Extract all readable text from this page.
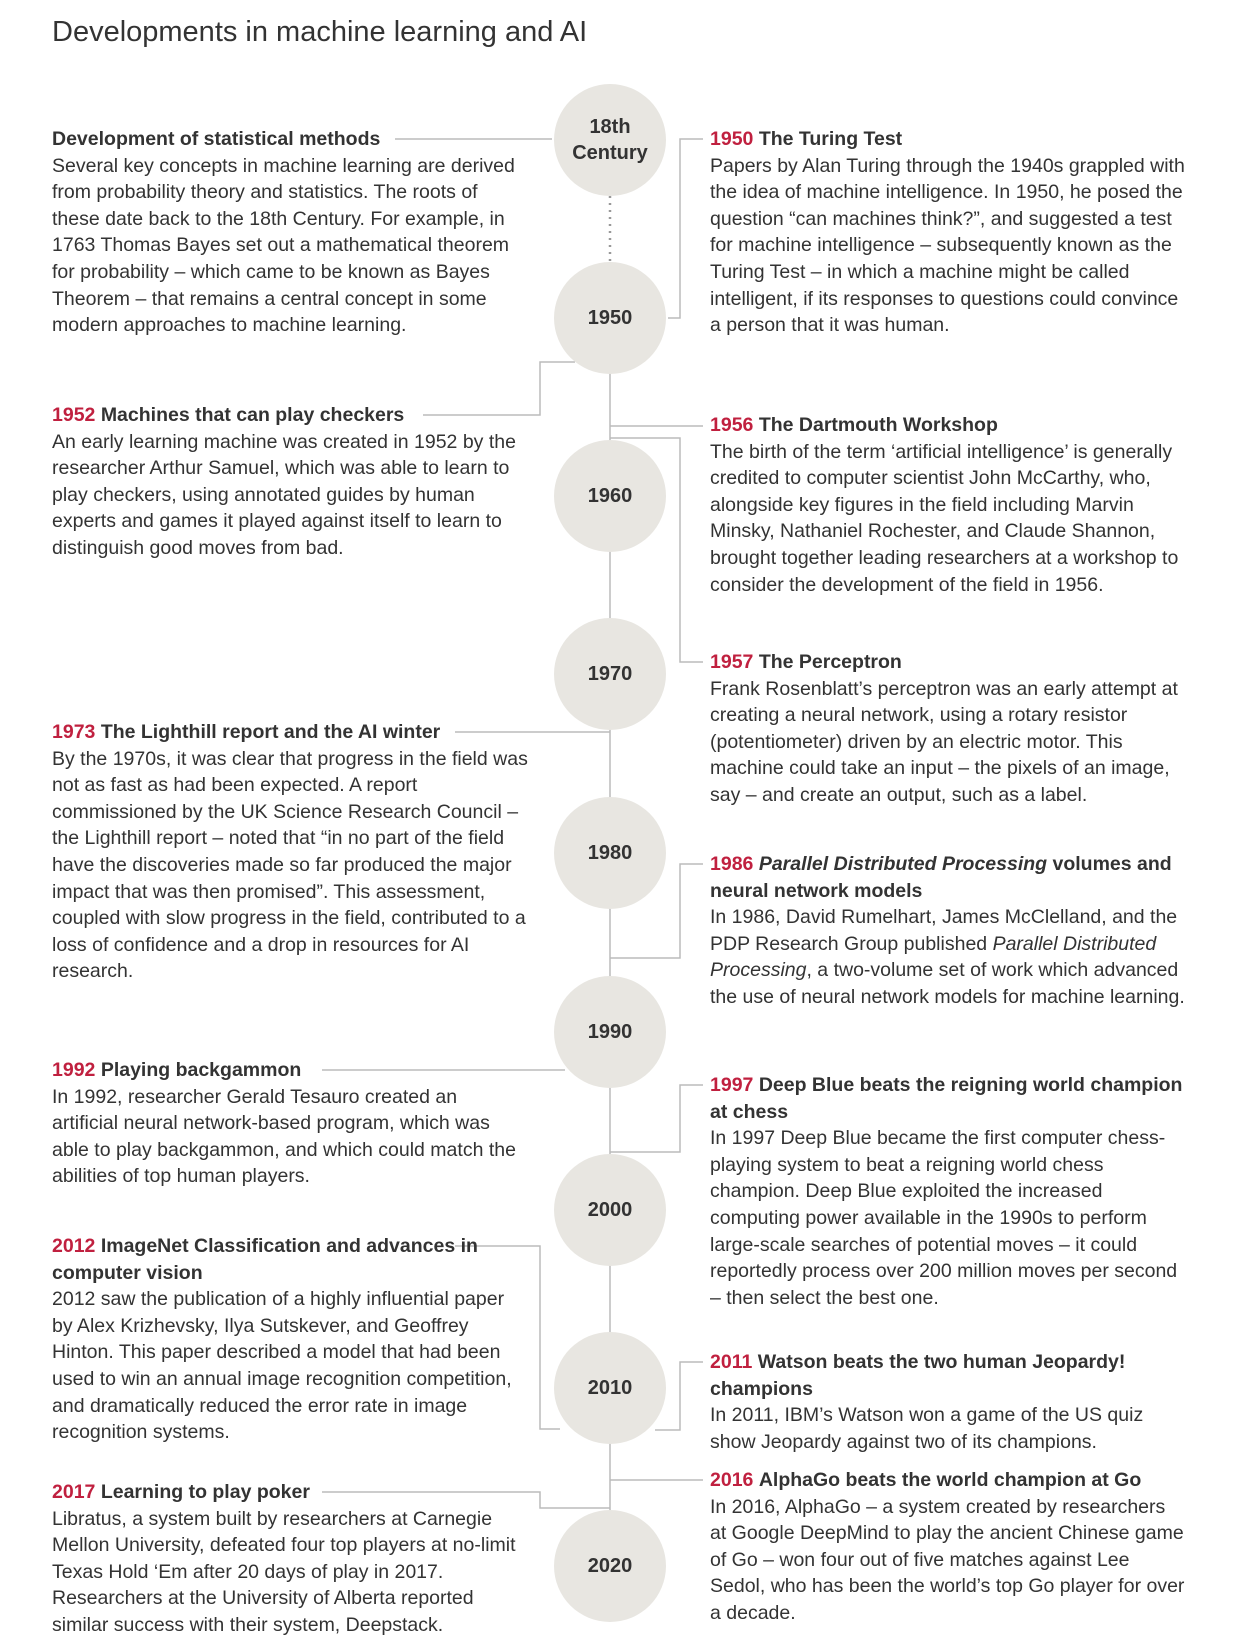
Developments in machine learning and AI
18th Century
1950
1960
1970
1980
1990
2000
2010
2020

Development of statistical methods

Several key concepts in machine learning are derived from probability theory and statistics. The roots of these date back to the 18th Century. For example, in 1763 Thomas Bayes set out a mathematical theorem for probability – which came to be known as Bayes Theorem – that remains a central concept in some modern approaches to machine learning.

1952 Machines that can play checkers

An early learning machine was created in 1952 by the researcher Arthur Samuel, which was able to learn to play checkers, using annotated guides by human experts and games it played against itself to learn to distinguish good moves from bad.

1973 The Lighthill report and the AI winter

By the 1970s, it was clear that progress in the field was not as fast as had been expected. A report commissioned by the UK Science Research Council – the Lighthill report – noted that “in no part of the field have the discoveries made so far produced the major impact that was then promised”. This assessment, coupled with slow progress in the field, contributed to a loss of confidence and a drop in resources for AI research.

1992 Playing backgammon

In 1992, researcher Gerald Tesauro created an artificial neural network-based program, which was able to play backgammon, and which could match the abilities of top human players.

2012 ImageNet Classification and advances in computer vision

2012 saw the publication of a highly influential paper by Alex Krizhevsky, Ilya Sutskever, and Geoffrey Hinton. This paper described a model that had been used to win an annual image recognition competition, and dramatically reduced the error rate in image recognition systems.

2017 Learning to play poker

Libratus, a system built by researchers at Carnegie Mellon University, defeated four top players at no-limit Texas Hold ‘Em after 20 days of play in 2017. Researchers at the University of Alberta reported similar success with their system, Deepstack.

1950 The Turing Test

Papers by Alan Turing through the 1940s grappled with the idea of machine intelligence. In 1950, he posed the question “can machines think?”, and suggested a test for machine intelligence – subsequently known as the Turing Test – in which a machine might be called intelligent, if its responses to questions could convince a person that it was human.

1956 The Dartmouth Workshop

The birth of the term ‘artificial intelligence’ is generally credited to computer scientist John McCarthy, who, alongside key figures in the field including Marvin Minsky, Nathaniel Rochester, and Claude Shannon, brought together leading researchers at a workshop to consider the development of the field in 1956.

1957 The Perceptron

Frank Rosenblatt’s perceptron was an early attempt at creating a neural network, using a rotary resistor (potentiometer) driven by an electric motor. This machine could take an input – the pixels of an image, say – and create an output, such as a label.

1986 Parallel Distributed Processing volumes and neural network models

In 1986, David Rumelhart, James McClelland, and the PDP Research Group published Parallel Distributed Processing, a two-volume set of work which advanced the use of neural network models for machine learning.

1997 Deep Blue beats the reigning world champion at chess

In 1997 Deep Blue became the first computer chess-playing system to beat a reigning world chess champion. Deep Blue exploited the increased computing power available in the 1990s to perform large-scale searches of potential moves – it could reportedly process over 200 million moves per second – then select the best one.

2011 Watson beats the two human Jeopardy! champions

In 2011, IBM’s Watson won a game of the US quiz show Jeopardy against two of its champions.

2016 AlphaGo beats the world champion at Go

In 2016, AlphaGo – a system created by researchers at Google DeepMind to play the ancient Chinese game of Go – won four out of five matches against Lee Sedol, who has been the world’s top Go player for over a decade.
